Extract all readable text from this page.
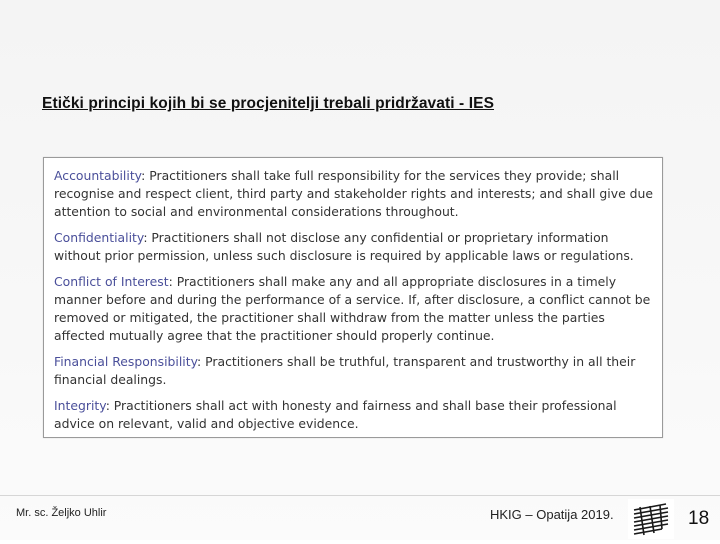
Etički principi kojih bi se procjenitelji trebali pridržavati - IES

Accountability: Practitioners shall take full responsibility for the services they provide; shall recognise and respect client, third party and stakeholder rights and interests; and shall give due attention to social and environmental considerations throughout.

Confidentiality: Practitioners shall not disclose any confidential or proprietary information without prior permission, unless such disclosure is required by applicable laws or regulations.

Conflict of Interest: Practitioners shall make any and all appropriate disclosures in a timely manner before and during the performance of a service. If, after disclosure, a conflict cannot be removed or mitigated, the practitioner shall withdraw from the matter unless the parties affected mutually agree that the practitioner should properly continue.

Financial Responsibility: Practitioners shall be truthful, transparent and trustworthy in all their financial dealings.

Integrity: Practitioners shall act with honesty and fairness and shall base their professional advice on relevant, valid and objective evidence.

Mr. sc. Željko Uhlir	HKIG – Opatija 2019.	18
